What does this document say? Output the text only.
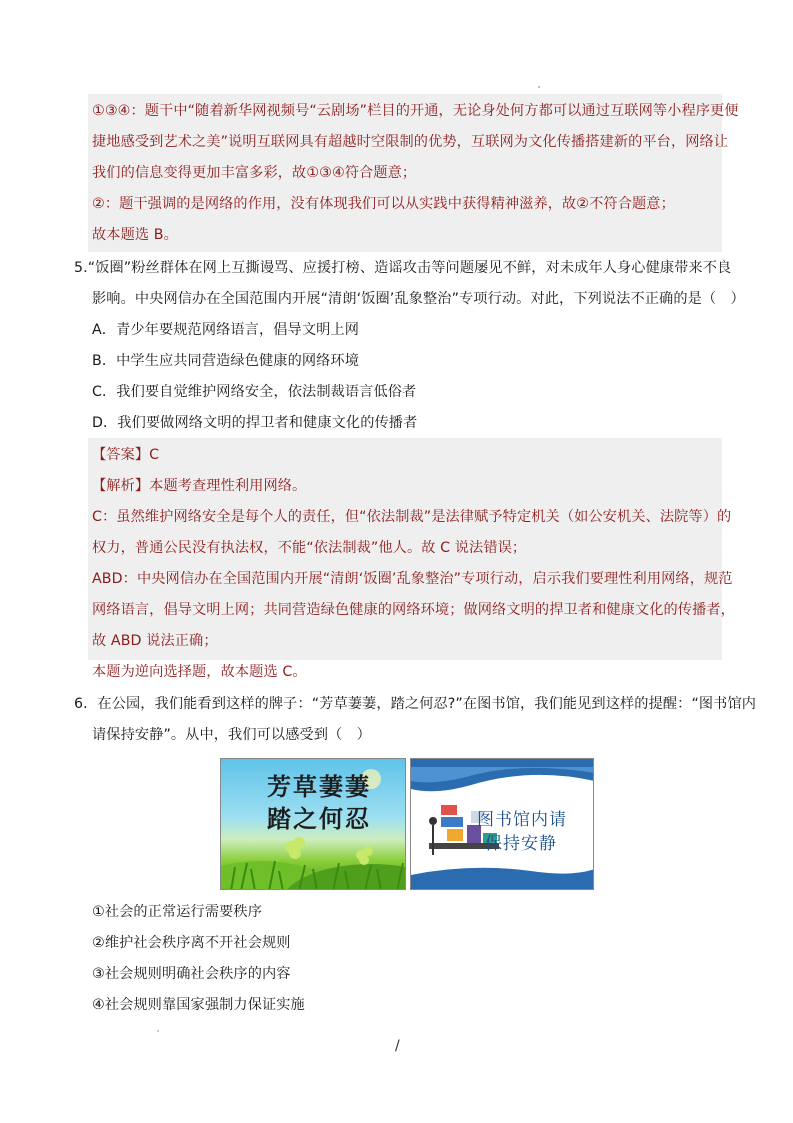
①③④：题干中“随着新华网视频号“云剧场”栏目的开通，无论身处何方都可以通过互联网等小程序更便
捷地感受到艺术之美”说明互联网具有超越时空限制的优势，互联网为文化传播搭建新的平台，网络让
我们的信息变得更加丰富多彩，故①③④符合题意；
②：题干强调的是网络的作用，没有体现我们可以从实践中获得精神滋养，故②不符合题意；
故本题选 B。
5.“饭圈”粉丝群体在网上互撕谩骂、应援打榜、造谣攻击等问题屡见不鲜，对未成年人身心健康带来不良
影响。中央网信办在全国范围内开展“清朗‘饭圈’乱象整治”专项行动。对此，下列说法不正确的是（　）
A．青少年要规范网络语言，倡导文明上网
B．中学生应共同营造绿色健康的网络环境
C．我们要自觉维护网络安全，依法制裁语言低俗者
D．我们要做网络文明的捍卫者和健康文化的传播者
【答案】C
【解析】本题考查理性利用网络。
C：虽然维护网络安全是每个人的责任，但“依法制裁”是法律赋予特定机关（如公安机关、法院等）的
权力，普通公民没有执法权，不能“依法制裁”他人。故 C 说法错误；
ABD：中央网信办在全国范围内开展“清朗‘饭圈’乱象整治”专项行动，启示我们要理性利用网络，规范
网络语言，倡导文明上网；共同营造绿色健康的网络环境；做网络文明的捍卫者和健康文化的传播者，
故 ABD 说法正确；
本题为逆向选择题，故本题选 C。
6．在公园，我们能看到这样的牌子：“芳草萋萋，踏之何忍?”在图书馆，我们能见到这样的提醒：“图书馆内
请保持安静”。从中，我们可以感受到（　）
芳草萋萋
踏之何忍	图书馆内请
保持安静
①社会的正常运行需要秩序
②维护社会秩序离不开社会规则
③社会规则明确社会秩序的内容
④社会规则靠国家强制力保证实施
/
